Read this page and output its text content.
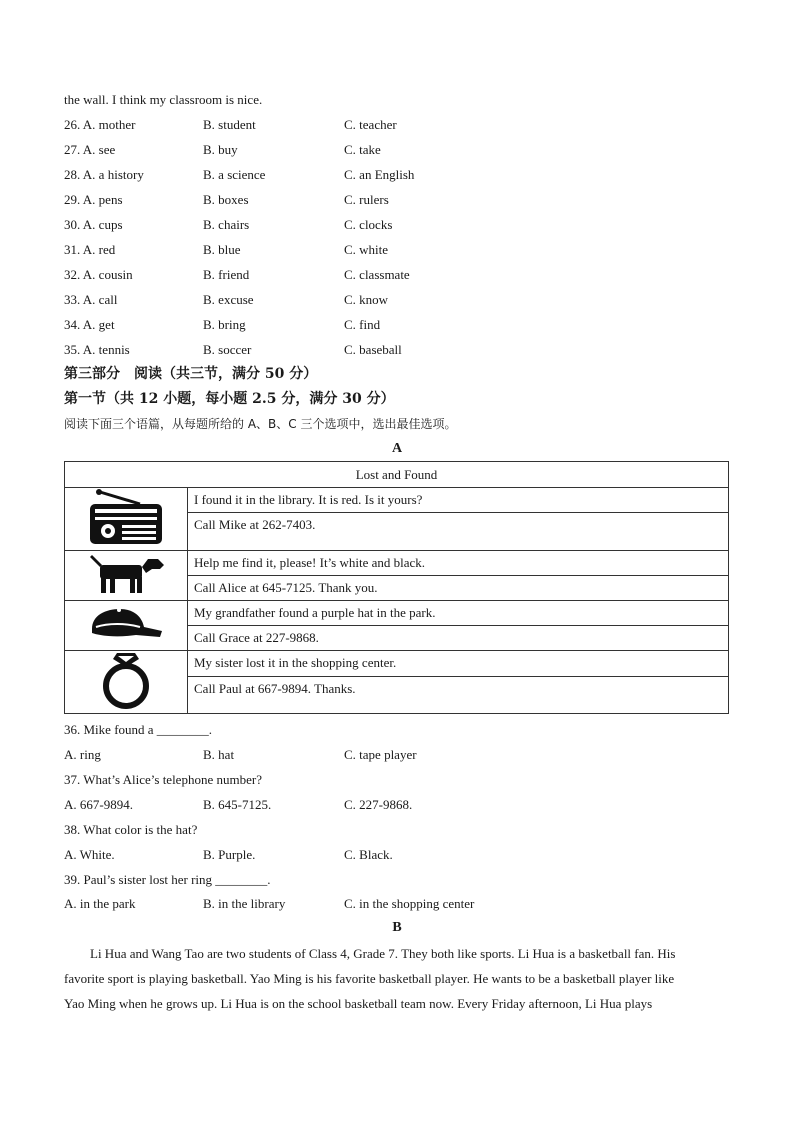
the wall. I think my classroom is nice.
26. A. mother	B. student	C. teacher
27. A. see	B. buy	C. take
28. A. a history	B. a science	C. an English
29. A. pens	B. boxes	C. rulers
30. A. cups	B. chairs	C. clocks
31. A. red	B. blue	C. white
32. A. cousin	B. friend	C. classmate
33. A. call	B. excuse	C. know
34. A. get	B. bring	C. find
35. A. tennis	B. soccer	C. baseball
第三部分　阅读（共三节，满分 50 分）
第一节（共 12 小题，每小题 2.5 分，满分 30 分）
阅读下面三个语篇，从每题所给的 A、B、C 三个选项中，选出最佳选项。
A
Lost and Found	
	I found it in the library. It is red. Is it yours?
	Call Mike at 262-7403.
	Help me find it, please! It’s white and black.
	Call Alice at 645-7125. Thank you.
	My grandfather found a purple hat in the park.
	Call Grace at 227-9868.
	My sister lost it in the shopping center.
	Call Paul at 667-9894. Thanks.
36. Mike found a ________.
A. ring	B. hat	C. tape player
37. What’s Alice’s telephone number?
A. 667-9894.	B. 645-7125.	C. 227-9868.
38. What color is the hat?
A. White.	B. Purple.	C. Black.
39. Paul’s sister lost her ring ________.
A. in the park	B. in the library	C. in the shopping center
B
Li Hua and Wang Tao are two students of Class 4, Grade 7. They both like sports. Li Hua is a basketball fan. His
favorite sport is playing basketball. Yao Ming is his favorite basketball player. He wants to be a basketball player like
Yao Ming when he grows up. Li Hua is on the school basketball team now. Every Friday afternoon, Li Hua plays
